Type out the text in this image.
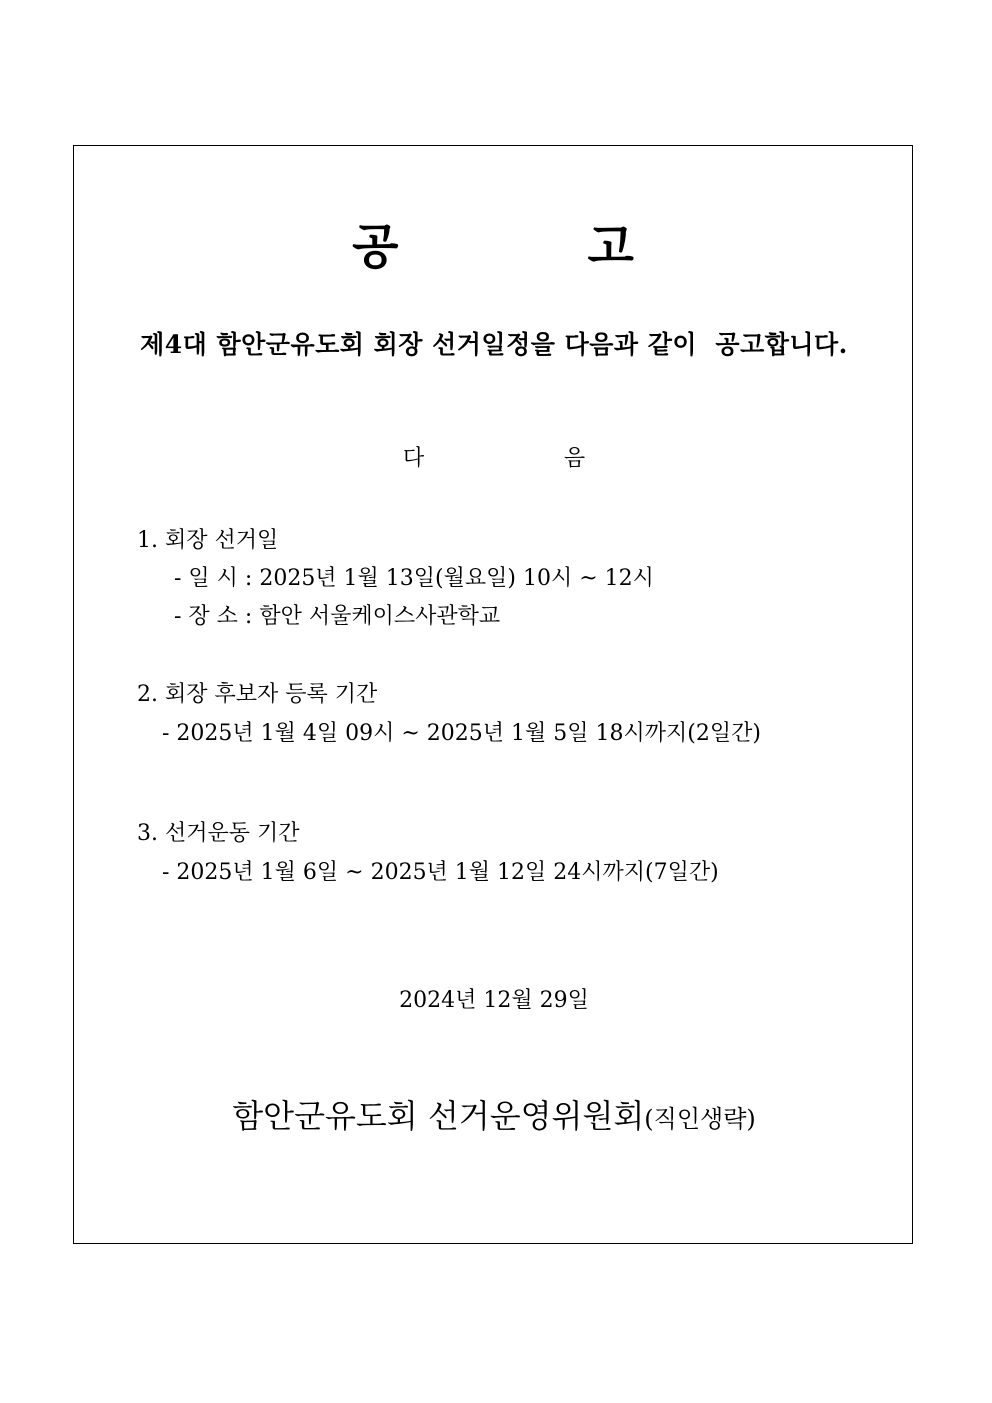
공          고
제4대 함안군유도회 회장 선거일정을 다음과 같이  공고합니다.
다                    음
1. 회장 선거일
- 일 시 : 2025년 1월 13일(월요일) 10시 ~ 12시
- 장 소 : 함안 서울케이스사관학교
2. 회장 후보자 등록 기간
- 2025년 1월 4일 09시 ~ 2025년 1월 5일 18시까지(2일간)
3. 선거운동 기간
- 2025년 1월 6일 ~ 2025년 1월 12일 24시까지(7일간)
2024년 12월 29일
함안군유도회 선거운영위원회(직인생략)
